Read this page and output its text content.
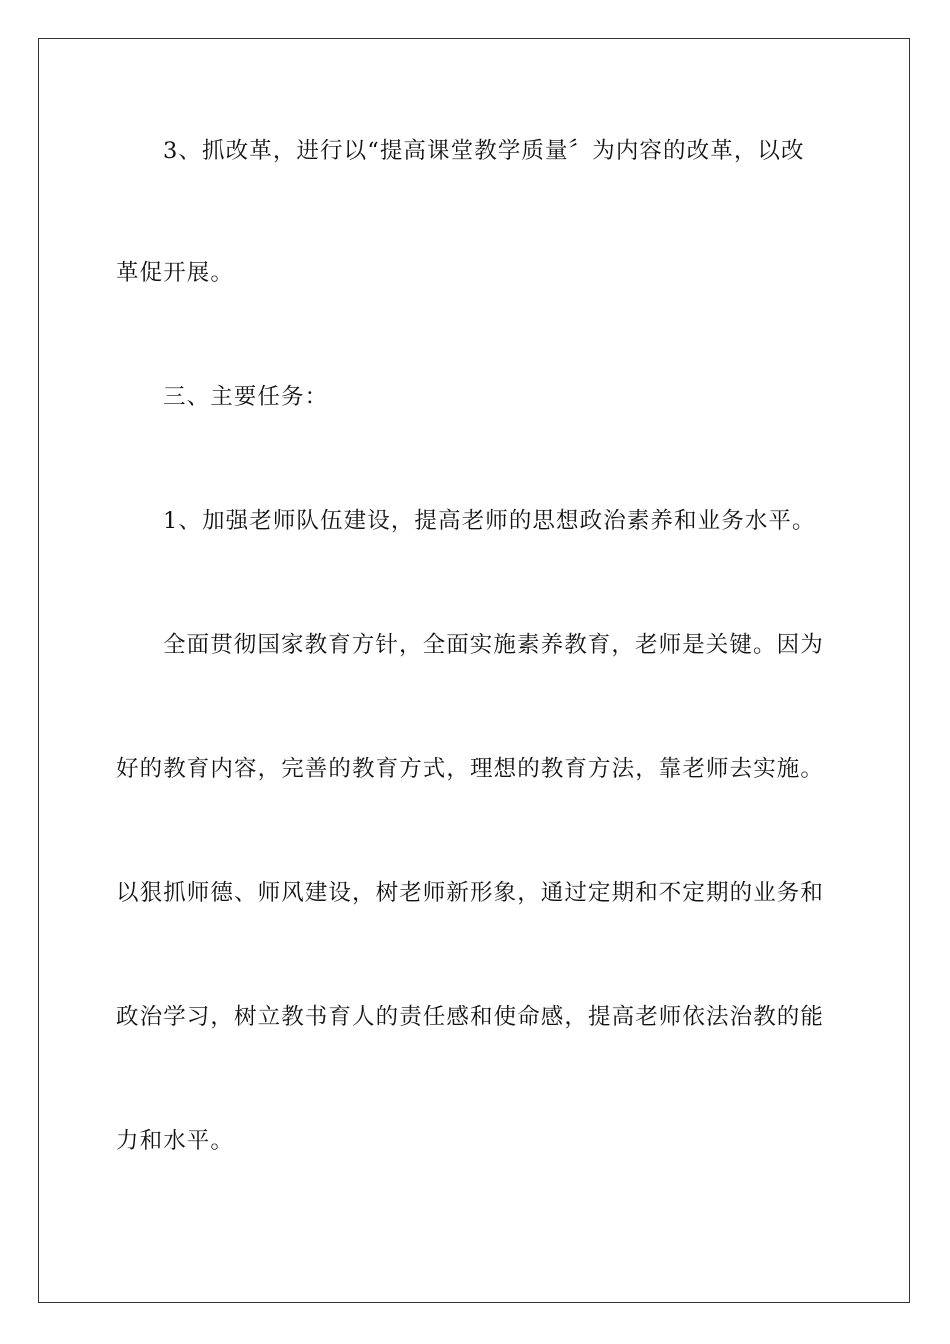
3、抓改革，进行以“提高课堂教学质量〞为内容的改革，以改
革促开展。
三、主要任务：
1、加强老师队伍建设，提高老师的思想政治素养和业务水平。
全面贯彻国家教育方针，全面实施素养教育，老师是关键。因为
好的教育内容，完善的教育方式，理想的教育方法，靠老师去实施。
以狠抓师德、师风建设，树老师新形象，通过定期和不定期的业务和
政治学习，树立教书育人的责任感和使命感，提高老师依法治教的能
力和水平。
